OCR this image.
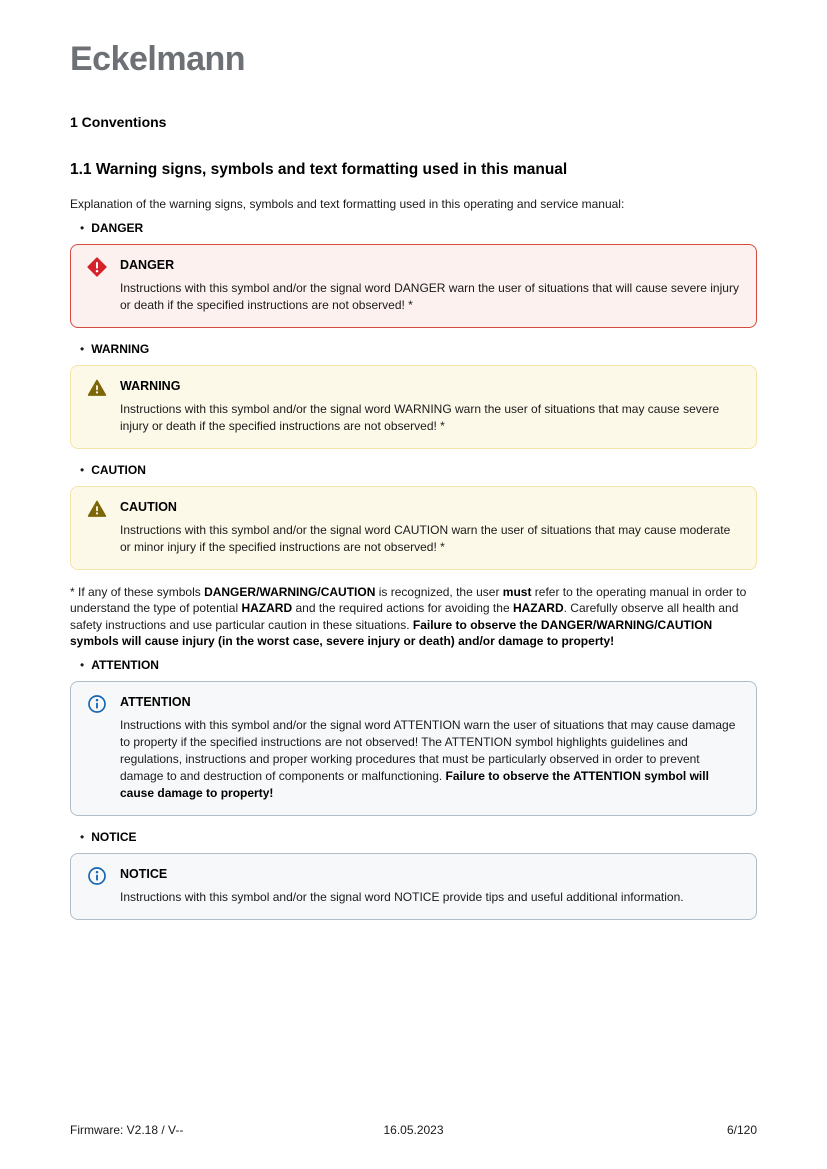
Eckelmann
1 Conventions
1.1 Warning signs, symbols and text formatting used in this manual

Explanation of the warning signs, symbols and text formatting used in this operating and service manual:

• DANGER
DANGER

Instructions with this symbol and/or the signal word DANGER warn the user of situations that will cause severe injury or death if the specified instructions are not observed! *

• WARNING
WARNING

Instructions with this symbol and/or the signal word WARNING warn the user of situations that may cause severe injury or death if the specified instructions are not observed! *

• CAUTION
CAUTION

Instructions with this symbol and/or the signal word CAUTION warn the user of situations that may cause moderate or minor injury if the specified instructions are not observed! *

* If any of these symbols DANGER/WARNING/CAUTION is recognized, the user must refer to the operating manual in order to understand the type of potential HAZARD and the required actions for avoiding the HAZARD. Carefully observe all health and safety instructions and use particular caution in these situations. Failure to observe the DANGER/WARNING/CAUTION symbols will cause injury (in the worst case, severe injury or death) and/or damage to property!

• ATTENTION
ATTENTION

Instructions with this symbol and/or the signal word ATTENTION warn the user of situations that may cause damage to property if the specified instructions are not observed! The ATTENTION symbol highlights guidelines and regulations, instructions and proper working procedures that must be particularly observed in order to prevent damage to and destruction of components or malfunctioning. Failure to observe the ATTENTION symbol will cause damage to property!

• NOTICE
NOTICE

Instructions with this symbol and/or the signal word NOTICE provide tips and useful additional information.

Firmware: V2.18 / V--	16.05.2023	6/120
